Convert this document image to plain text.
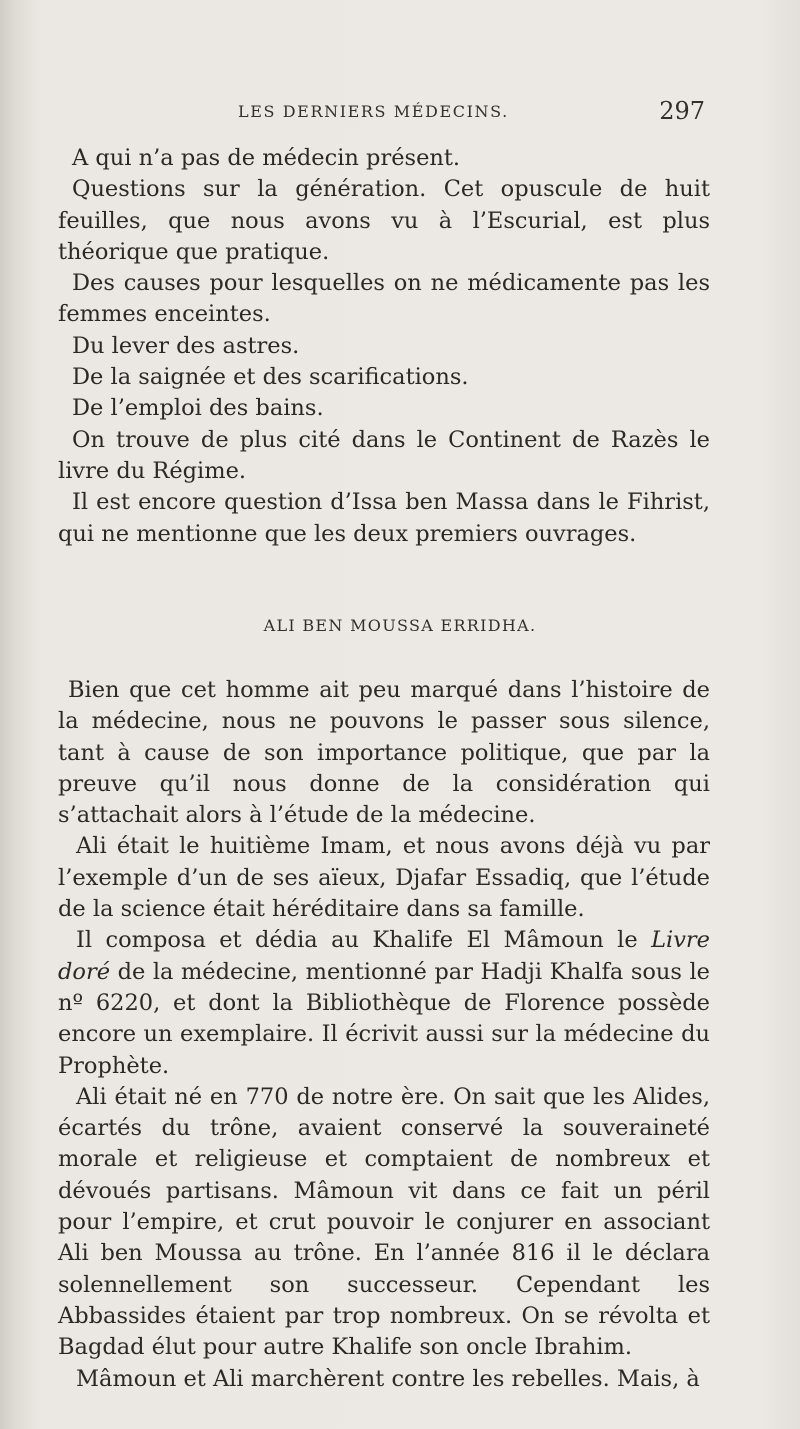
LES DERNIERS MÉDECINS.	297

A qui n’a pas de médecin présent.

Questions sur la génération. Cet opuscule de huit feuilles, que nous avons vu à l’Escurial, est plus théorique que pratique.

Des causes pour lesquelles on ne médicamente pas les femmes enceintes.

Du lever des astres.

De la saignée et des scarifications.

De l’emploi des bains.

On trouve de plus cité dans le Continent de Razès le livre du Régime.

Il est encore question d’Issa ben Massa dans le Fihrist, qui ne mentionne que les deux premiers ouvrages.

ALI BEN MOUSSA ERRIDHA.

Bien que cet homme ait peu marqué dans l’histoire de la médecine, nous ne pouvons le passer sous silence, tant à cause de son importance politique, que par la preuve qu’il nous donne de la considération qui s’attachait alors à l’étude de la médecine.

Ali était le huitième Imam, et nous avons déjà vu par l’exemple d’un de ses aïeux, Djafar Essadiq, que l’étude de la science était héréditaire dans sa famille.

Il composa et dédia au Khalife El Mâmoun le Livre doré de la médecine, mentionné par Hadji Khalfa sous le nº 6220, et dont la Bibliothèque de Florence possède encore un exemplaire. Il écrivit aussi sur la médecine du Prophète.

Ali était né en 770 de notre ère. On sait que les Alides, écartés du trône, avaient conservé la souveraineté morale et religieuse et comptaient de nombreux et dévoués partisans. Mâmoun vit dans ce fait un péril pour l’empire, et crut pouvoir le conjurer en associant Ali ben Moussa au trône. En l’année 816 il le déclara solennellement son successeur. Cependant les Abbassides étaient par trop nombreux. On se révolta et Bagdad élut pour autre Khalife son oncle Ibrahim.

Mâmoun et Ali marchèrent contre les rebelles. Mais, à
